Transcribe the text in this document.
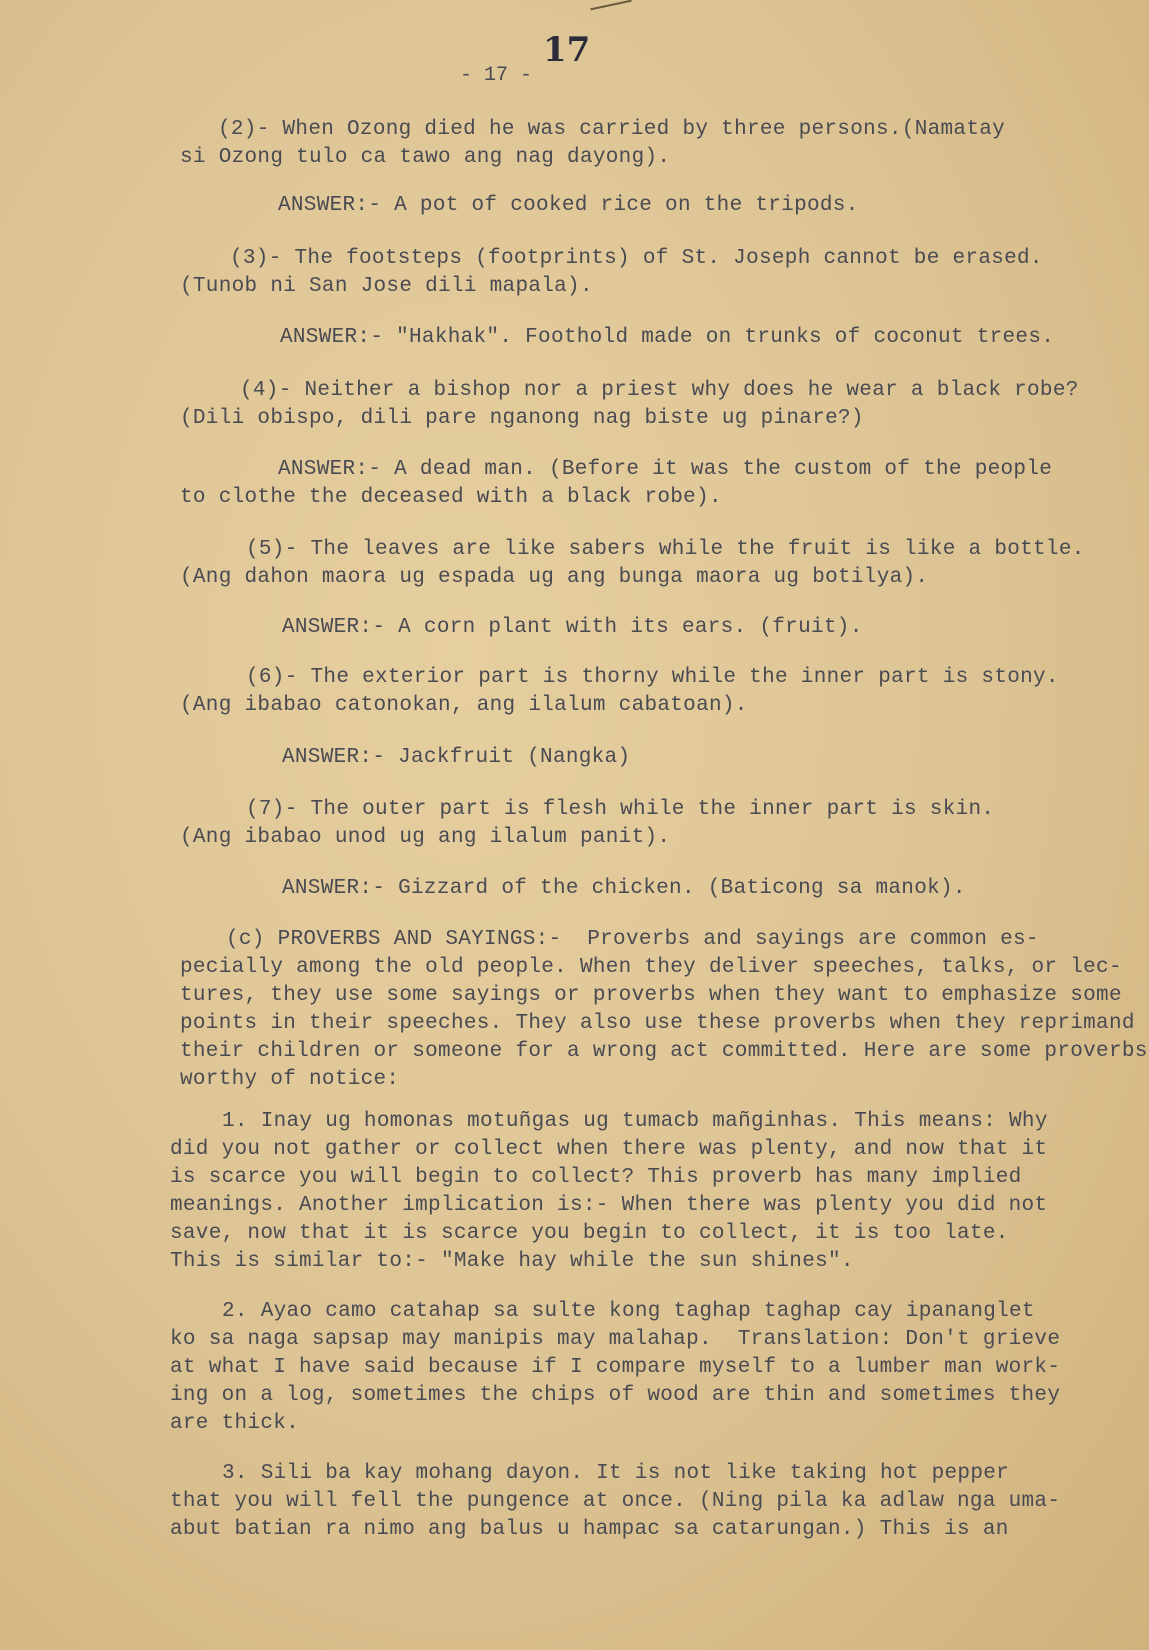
17
- 17 -
(2)- When Ozong died he was carried by three persons.(Namatay
si Ozong tulo ca tawo ang nag dayong).
ANSWER:- A pot of cooked rice on the tripods.
(3)- The footsteps (footprints) of St. Joseph cannot be erased.
(Tunob ni San Jose dili mapala).
ANSWER:- "Hakhak". Foothold made on trunks of coconut trees.
(4)- Neither a bishop nor a priest why does he wear a black robe?
(Dili obispo, dili pare nganong nag biste ug pinare?)
ANSWER:- A dead man. (Before it was the custom of the people
to clothe the deceased with a black robe).
(5)- The leaves are like sabers while the fruit is like a bottle.
(Ang dahon maora ug espada ug ang bunga maora ug botilya).
ANSWER:- A corn plant with its ears. (fruit).
(6)- The exterior part is thorny while the inner part is stony.
(Ang ibabao catonokan, ang ilalum cabatoan).
ANSWER:- Jackfruit (Nangka)
(7)- The outer part is flesh while the inner part is skin.
(Ang ibabao unod ug ang ilalum panit).
ANSWER:- Gizzard of the chicken. (Baticong sa manok).
(c) PROVERBS AND SAYINGS:-  Proverbs and sayings are common es-
pecially among the old people. When they deliver speeches, talks, or lec-
tures, they use some sayings or proverbs when they want to emphasize some
points in their speeches. They also use these proverbs when they reprimand
their children or someone for a wrong act committed. Here are some proverbs
worthy of notice:
1. Inay ug homonas motuñgas ug tumacb mañginhas. This means: Why
did you not gather or collect when there was plenty, and now that it
is scarce you will begin to collect? This proverb has many implied
meanings. Another implication is:- When there was plenty you did not
save, now that it is scarce you begin to collect, it is too late.
This is similar to:- "Make hay while the sun shines".
2. Ayao camo catahap sa sulte kong taghap taghap cay ipananglet
ko sa naga sapsap may manipis may malahap.  Translation: Don't grieve
at what I have said because if I compare myself to a lumber man work-
ing on a log, sometimes the chips of wood are thin and sometimes they
are thick.
3. Sili ba kay mohang dayon. It is not like taking hot pepper
that you will fell the pungence at once. (Ning pila ka adlaw nga uma-
abut batian ra nimo ang balus u hampac sa catarungan.) This is an
